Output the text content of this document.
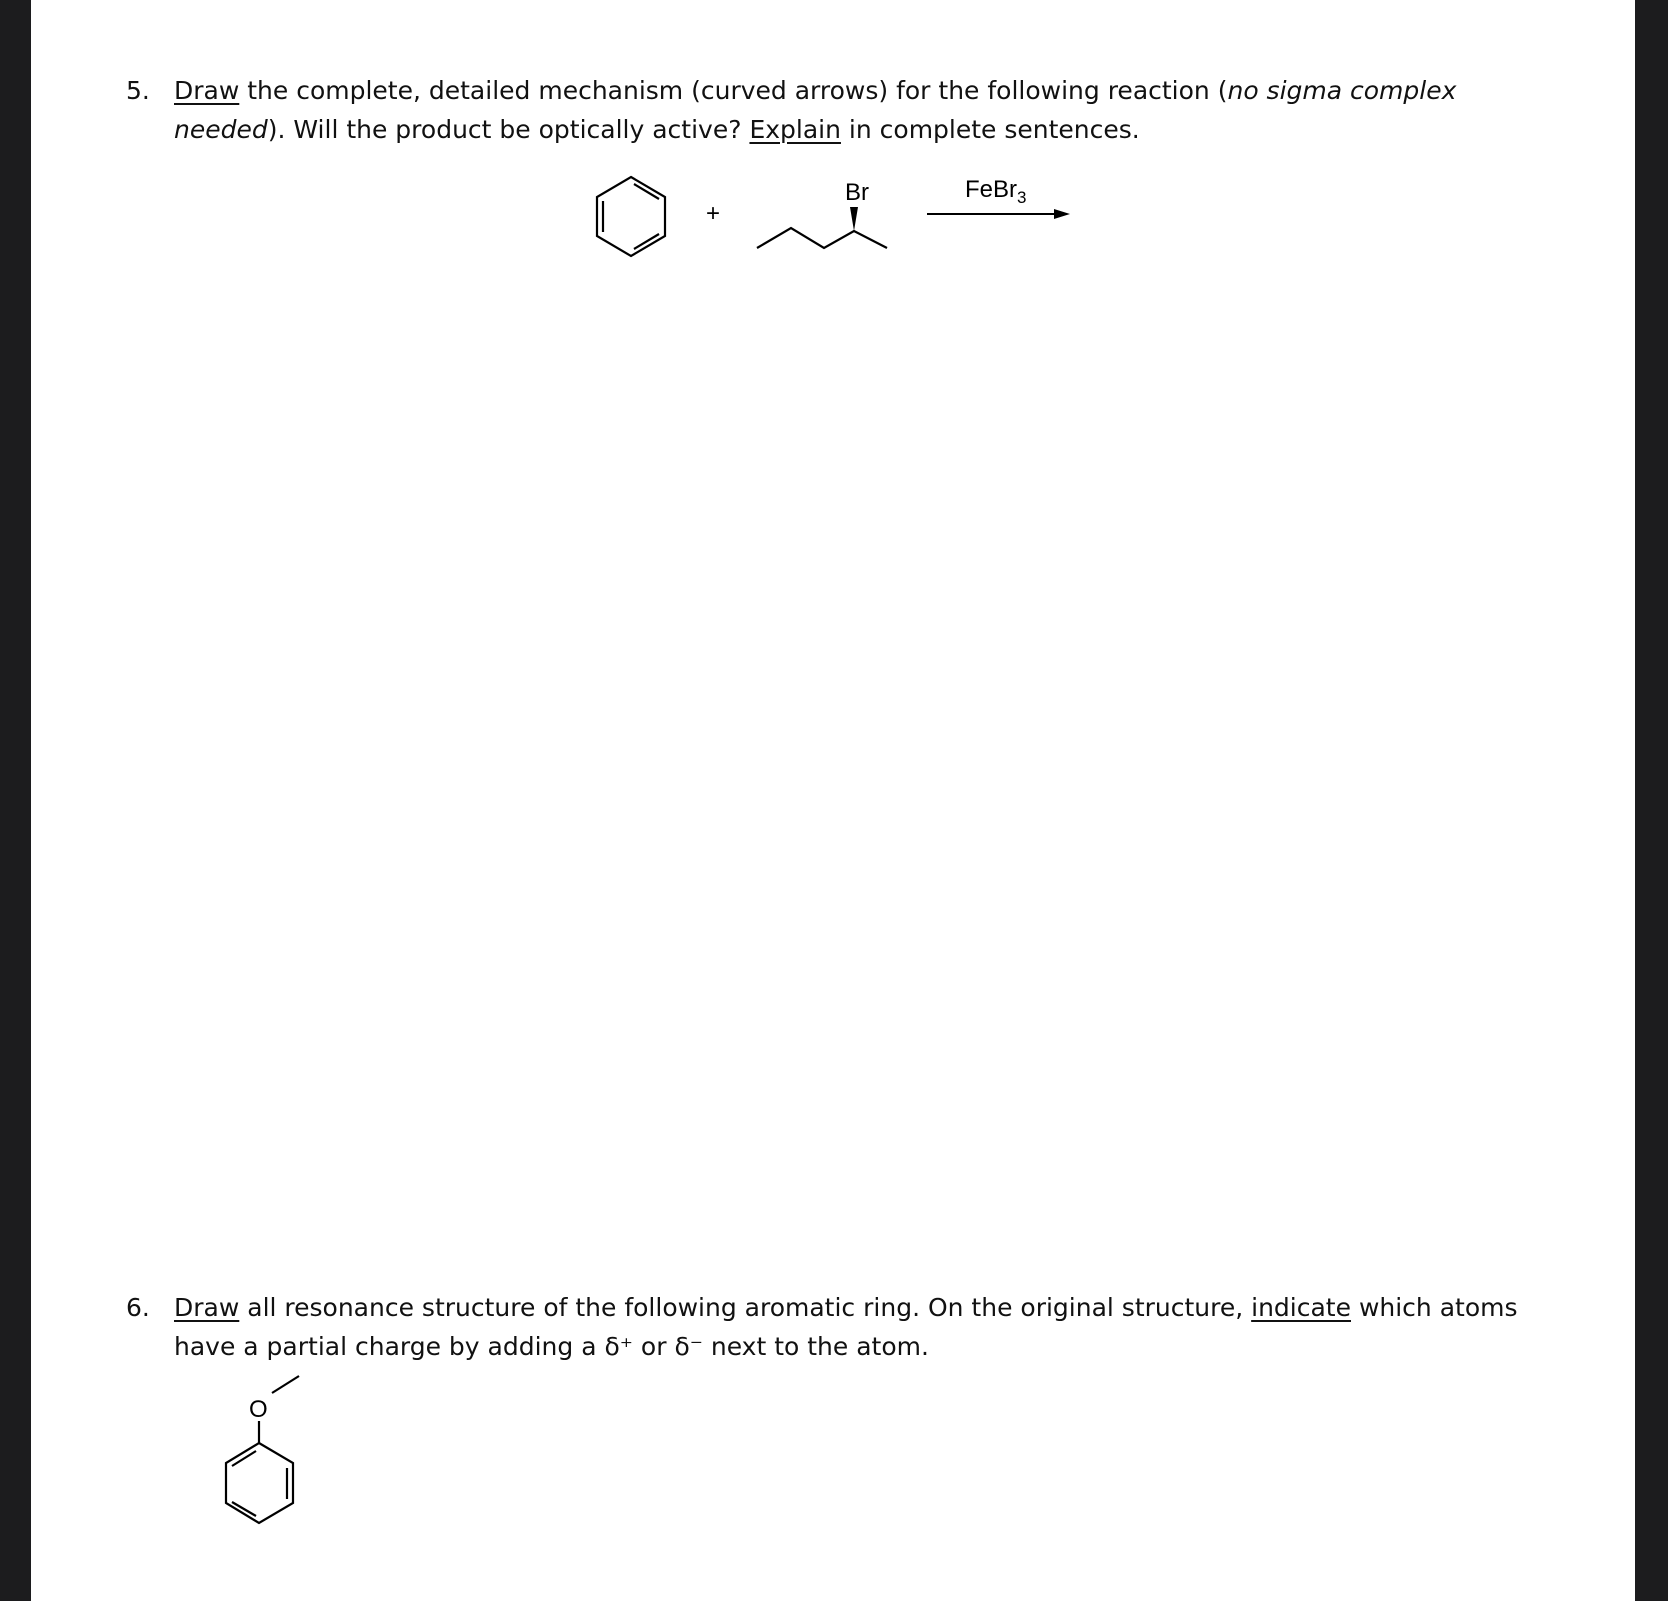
5. Draw the complete, detailed mechanism (curved arrows) for the following reaction (no sigma complex needed). Will the product be optically active? Explain in complete sentences.
+
Br	FeBr$_3$
6. Draw all resonance structure of the following aromatic ring. On the original structure, indicate which atoms have a partial charge by adding a δ⁺ or δ⁻ next to the atom.
O
